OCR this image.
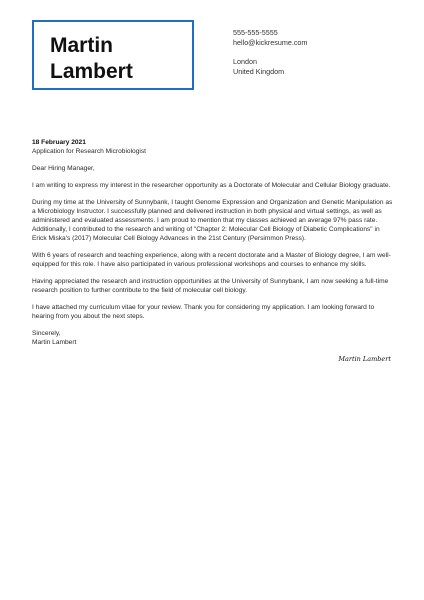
Martin
Lambert
555-555-5555
hello@kickresume.com
London
United Kingdom
18 February 2021
Application for Research Microbiologist
Dear Hiring Manager,
I am writing to express my interest in the researcher opportunity as a Doctorate of Molecular and Cellular Biology graduate.
During my time at the University of Sunnybank, I taught Genome Expression and Organization and Genetic Manipulation as a Microbiology Instructor. I successfully planned and delivered instruction in both physical and virtual settings, as well as administered and evaluated assessments. I am proud to mention that my classes achieved an average 97% pass rate. Additionally, I contributed to the research and writing of "Chapter 2: Molecular Cell Biology of Diabetic Complications" in Erick Miska's (2017) Molecular Cell Biology Advances in the 21st Century (Persimmon Press).
With 6 years of research and teaching experience, along with a recent doctorate and a Master of Biology degree, I am well-equipped for this role. I have also participated in various professional workshops and courses to enhance my skills.
Having appreciated the research and instruction opportunities at the University of Sunnybank, I am now seeking a full-time research position to further contribute to the field of molecular cell biology.
I have attached my curriculum vitae for your review. Thank you for considering my application. I am looking forward to hearing from you about the next steps.
Sincerely,
Martin Lambert
Martin Lambert
